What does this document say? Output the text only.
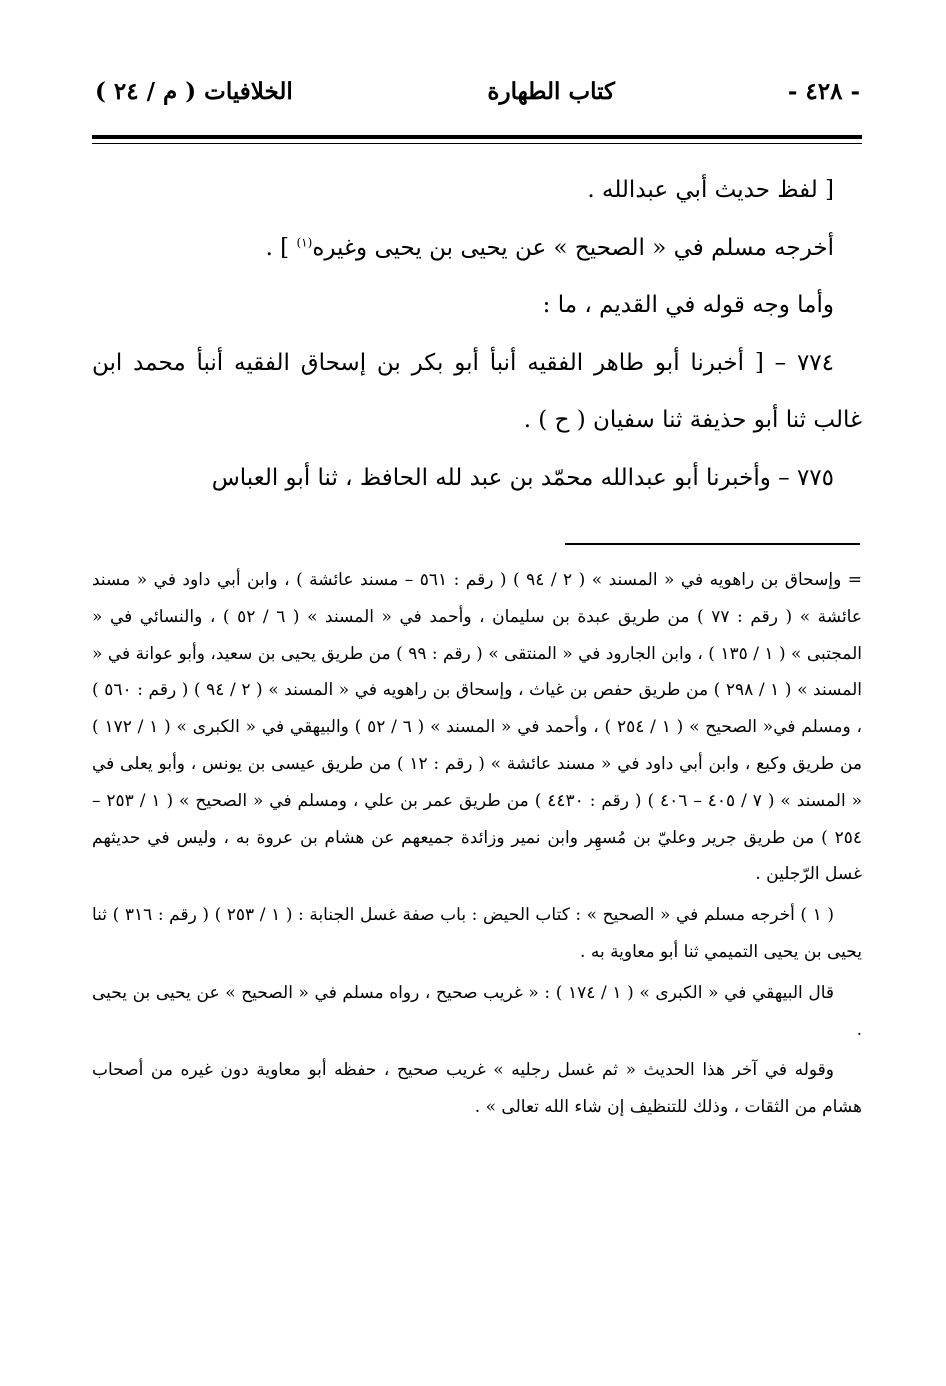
- ٤٢٨ -
كتاب الطهارة
الخلافيات ( م / ٢٤ )

[ لفظ حديث أبي عبدالله .

أخرجه مسلم في « الصحيح » عن يحيى بن يحيى وغيره$^{(١)}$ ] .

وأما وجه قوله في القديم ، ما :

٧٧٤ – [ أخبرنا أبو طاهر الفقيه أنبأ أبو بكر بن إسحاق الفقيه أنبأ محمد ابن غالب ثنا أبو حذيفة ثنا سفيان ( ح ) .

٧٧٥ – وأخبرنا أبو عبدالله محمّد بن عبد لله الحافظ ، ثنا أبو العباس

= وإسحاق بن راهويه في « المسند » ( ٢ / ٩٤ ) ( رقم : ٥٦١ – مسند عائشة ) ، وابن أبي داود في « مسند عائشة » ( رقم : ٧٧ ) من طريق عبدة بن سليمان ، وأحمد في « المسند » ( ٦ / ٥٢ ) ، والنسائي في « المجتبى » ( ١ / ١٣٥ ) ، وابن الجارود في « المنتقى » ( رقم : ٩٩ ) من طريق يحيى بن سعيد، وأبو عوانة في « المسند » ( ١ / ٢٩٨ ) من طريق حفص بن غياث ، وإسحاق بن راهويه في « المسند » ( ٢ / ٩٤ ) ( رقم : ٥٦٠ ) ، ومسلم في« الصحيح » ( ١ / ٢٥٤ ) ، وأحمد في « المسند » ( ٦ / ٥٢ ) والبيهقي في « الكبرى » ( ١ / ١٧٢ ) من طريق وكيع ، وابن أبي داود في « مسند عائشة » ( رقم : ١٢ ) من طريق عيسى بن يونس ، وأبو يعلى في « المسند » ( ٧ / ٤٠٥ – ٤٠٦ ) ( رقم : ٤٤٣٠ ) من طريق عمر بن علي ، ومسلم في « الصحيح » ( ١ / ٢٥٣ – ٢٥٤ ) من طريق جرير وعليّ بن مُسهِر وابن نمير وزائدة جميعهم عن هشام بن عروة به ، وليس في حديثهم غسل الرّجلين .

( ١ ) أخرجه مسلم في « الصحيح » : كتاب الحيض : باب صفة غسل الجنابة : ( ١ / ٢٥٣ ) ( رقم : ٣١٦ ) ثنا يحيى بن يحيى التميمي ثنا أبو معاوية به .

قال البيهقي في « الكبرى » ( ١ / ١٧٤ ) : « غريب صحيح ، رواه مسلم في « الصحيح » عن يحيى بن يحيى .

وقوله في آخر هذا الحديث « ثم غسل رجليه » غريب صحيح ، حفظه أبو معاوية دون غيره من أصحاب هشام من الثقات ، وذلك للتنظيف إن شاء الله تعالى » .
